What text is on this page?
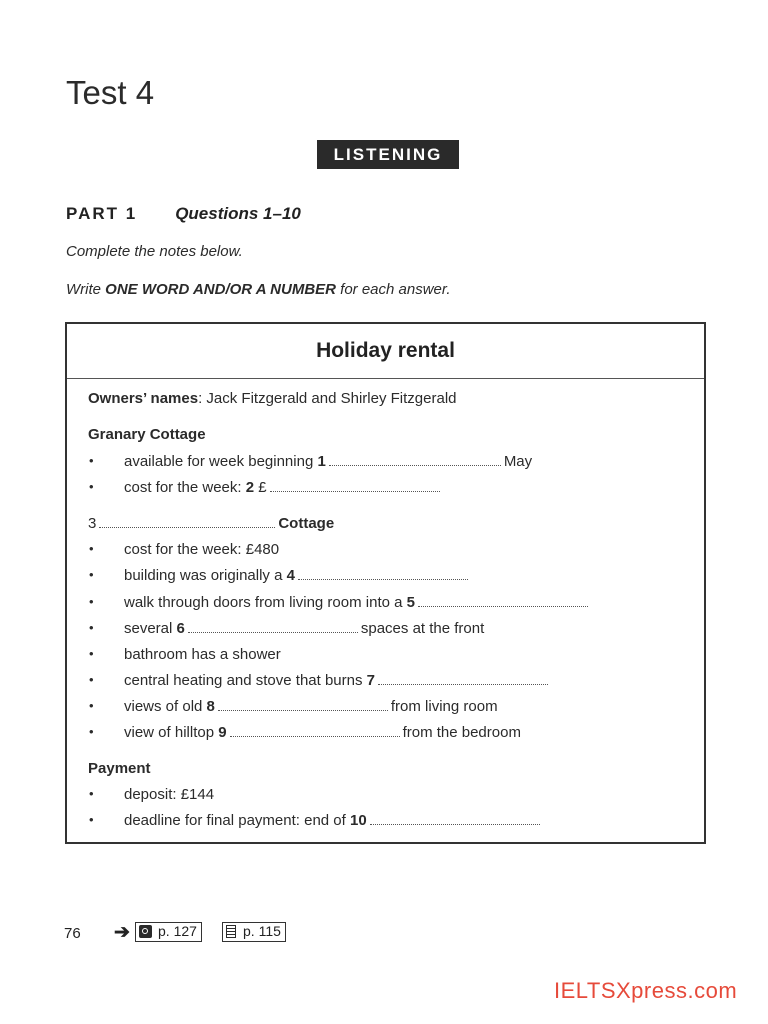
Test 4
LISTENING
PART 1 Questions 1–10
Complete the notes below.
Write ONE WORD AND/OR A NUMBER for each answer.
Holiday rental
Owners’ names: Jack Fitzgerald and Shirley Fitzgerald
Granary Cottage
• available for week beginning 1	May
• cost for the week: 2 £
3	Cottage
• cost for the week: £480
• building was originally a 4
• walk through doors from living room into a 5
• several 6	spaces at the front
• bathroom has a shower
• central heating and stove that burns 7
• views of old 8	from living room
• view of hilltop 9	from the bedroom
Payment
• deposit: £144
• deadline for final payment: end of 10
76 ➔	p. 127	p. 115
IELTSXpress.com
